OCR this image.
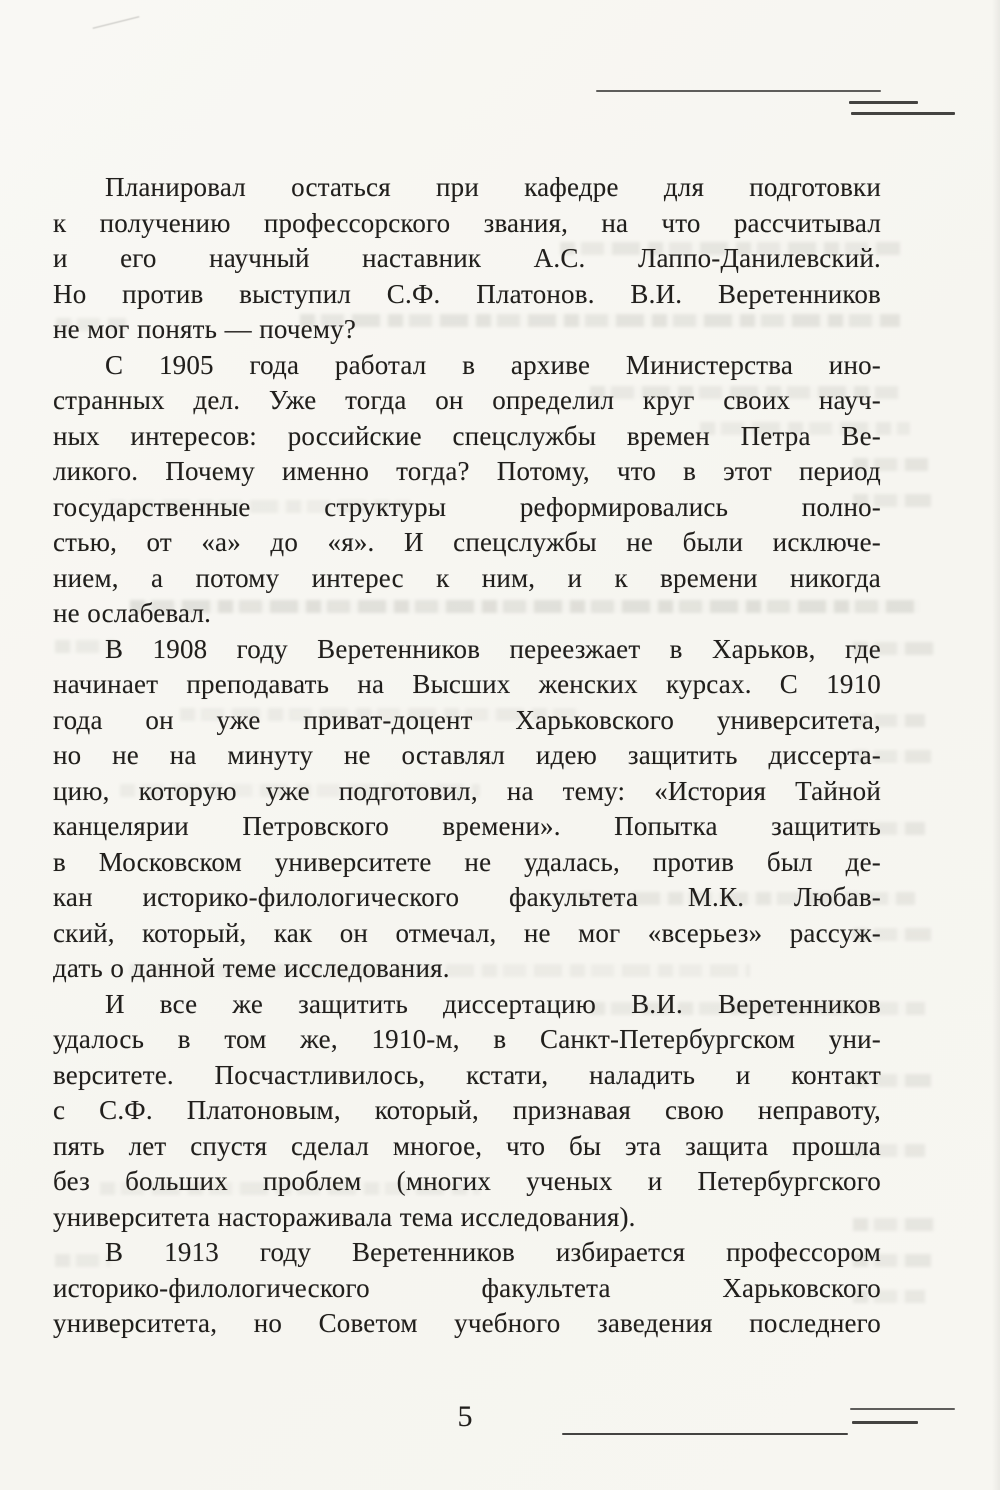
Планировал остаться при кафедре для подготовки
к получению профессорского звания, на что рассчитывал
и его научный наставник А.С. Лаппо-Данилевский.
Но против выступил С.Ф. Платонов. В.И. Веретенников
не мог понять — почему?
С 1905 года работал в архиве Министерства ино-
странных дел. Уже тогда он определил круг своих науч-
ных интересов: российские спецслужбы времен Петра Ве-
ликого. Почему именно тогда? Потому, что в этот период
государственные структуры реформировались полно-
стью, от «а» до «я». И спецслужбы не были исключе-
нием, а потому интерес к ним, и к времени никогда
не ослабевал.
В 1908 году Веретенников переезжает в Харьков, где
начинает преподавать на Высших женских курсах. С 1910
года он уже приват-доцент Харьковского университета,
но не на минуту не оставлял идею защитить диссерта-
цию, которую уже подготовил, на тему: «История Тайной
канцелярии Петровского времени». Попытка защитить
в Московском университете не удалась, против был де-
кан историко-филологического факультета М.К. Любав-
ский, который, как он отмечал, не мог «всерьез» рассуж-
дать о данной теме исследования.
И все же защитить диссертацию В.И. Веретенников
удалось в том же, 1910-м, в Санкт-Петербургском уни-
верситете. Посчастливилось, кстати, наладить и контакт
с С.Ф. Платоновым, который, признавая свою неправоту,
пять лет спустя сделал многое, что бы эта защита прошла
без больших проблем (многих ученых и Петербургского
университета настораживала тема исследования).
В 1913 году Веретенников избирается профессором
историко-филологического факультета Харьковского
университета, но Советом учебного заведения последнего
5
